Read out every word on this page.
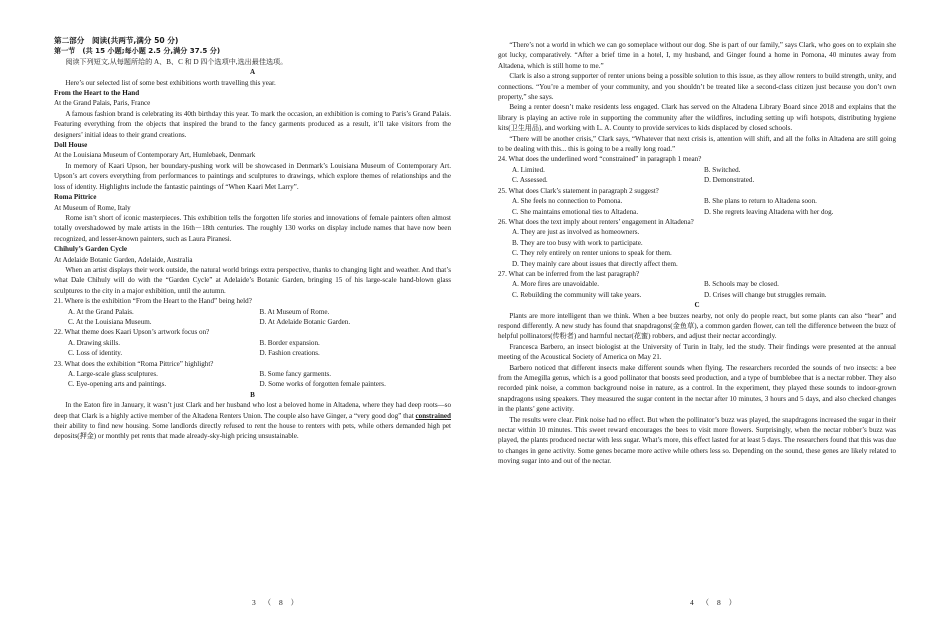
第二部分　阅读(共两节,满分 50 分)

第一节　(共 15 小题;每小题 2.5 分,满分 37.5 分)

阅读下列短文,从每题所给的 A、B、C 和 D 四个选项中,选出最佳选项。

A

Here’s our selected list of some best exhibitions worth travelling this year.

From the Heart to the Hand

At the Grand Palais, Paris, France

A famous fashion brand is celebrating its 40th birthday this year. To mark the occasion, an exhibition is coming to Paris’s Grand Palais. Featuring everything from the objects that inspired the brand to the fancy garments produced as a result, it’ll take visitors from the designers’ initial ideas to their grand creations.

Doll House

At the Louisiana Museum of Contemporary Art, Humlebaek, Denmark

In memory of Kaari Upson, her boundary-pushing work will be showcased in Denmark’s Louisiana Museum of Contemporary Art. Upson’s art covers everything from performances to paintings and sculptures to drawings, which explore themes of relationships and the loss of identity. Highlights include the fantastic paintings of “When Kaari Met Larry”.

Roma Pittrice

At Museum of Rome, Italy

Rome isn’t short of iconic masterpieces. This exhibition tells the forgotten life stories and innovations of female painters often almost totally overshadowed by male artists in the 16th－18th centuries. The roughly 130 works on display include names that have now been recognized, and lesser-known painters, such as Laura Piranesi.

Chihuly’s Garden Cycle

At Adelaide Botanic Garden, Adelaide, Australia

When an artist displays their work outside, the natural world brings extra perspective, thanks to changing light and weather. And that’s what Dale Chihuly will do with the “Garden Cycle” at Adelaide’s Botanic Garden, bringing 15 of his large-scale hand-blown glass sculptures to the city in a major exhibition, until the autumn.

21. Where is the exhibition “From the Heart to the Hand” being held?

A. At the Grand Palais.	B. At Museum of Rome.
C. At the Louisiana Museum.	D. At Adelaide Botanic Garden.

22. What theme does Kaari Upson’s artwork focus on?

A. Drawing skills.	B. Border expansion.
C. Loss of identity.	D. Fashion creations.

23. What does the exhibition “Roma Pittrice” highlight?

A. Large-scale glass sculptures.	B. Some fancy garments.
C. Eye-opening arts and paintings.	D. Some works of forgotten female painters.

B

In the Eaton fire in January, it wasn’t just Clark and her husband who lost a beloved home in Altadena, where they had deep roots—so deep that Clark is a highly active member of the Altadena Renters Union. The couple also have Ginger, a “very good dog” that constrained their ability to find new housing. Some landlords directly refused to rent the house to renters with pets, while others demanded high pet deposits(押金) or monthly pet rents that made already-sky-high pricing unsustainable.

3 （ 8 ）

“There’s not a world in which we can go someplace without our dog. She is part of our family,” says Clark, who goes on to explain she got lucky, comparatively. “After a brief time in a hotel, I, my husband, and Ginger found a home in Pomona, 40 minutes away from Altadena, which is still home to me.”

Clark is also a strong supporter of renter unions being a possible solution to this issue, as they allow renters to build strength, unity, and connections. “You’re a member of your community, and you shouldn’t be treated like a second-class citizen just because you don’t own property,” she says.

Being a renter doesn’t make residents less engaged. Clark has served on the Altadena Library Board since 2018 and explains that the library is playing an active role in supporting the community after the wildfires, including setting up wifi hotspots, distributing hygiene kits(卫生用品), and working with L. A. County to provide services to kids displaced by closed schools.

“There will be another crisis,” Clark says, “Whatever that next crisis is, attention will shift, and all the folks in Altadena are still going to be dealing with this... this is going to be a really long road.”

24. What does the underlined word “constrained” in paragraph 1 mean?

A. Limited.	B. Switched.
C. Assessed.	D. Demonstrated.

25. What does Clark’s statement in paragraph 2 suggest?

A. She feels no connection to Pomona.	B. She plans to return to Altadena soon.
C. She maintains emotional ties to Altadena.	D. She regrets leaving Altadena with her dog.

26. What does the text imply about renters’ engagement in Altadena?

A. They are just as involved as homeowners.
B. They are too busy with work to participate.
C. They rely entirely on renter unions to speak for them.
D. They mainly care about issues that directly affect them.

27. What can be inferred from the last paragraph?

A. More fires are unavoidable.	B. Schools may be closed.
C. Rebuilding the community will take years.	D. Crises will change but struggles remain.

C

Plants are more intelligent than we think. When a bee buzzes nearby, not only do people react, but some plants can also “hear” and respond differently. A new study has found that snapdragons(金鱼草), a common garden flower, can tell the difference between the buzz of helpful pollinators(传粉者) and harmful nectar(花蜜) robbers, and adjust their nectar accordingly.

Francesca Barbero, an insect biologist at the University of Turin in Italy, led the study. Their findings were presented at the annual meeting of the Acoustical Society of America on May 21.

Barbero noticed that different insects make different sounds when flying. The researchers recorded the sounds of two insects: a bee from the Amegilla genus, which is a good pollinator that boosts seed production, and a type of bumblebee that is a nectar robber. They also recorded pink noise, a common background noise in nature, as a control. In the experiment, they played these sounds to indoor-grown snapdragons using speakers. They measured the sugar content in the nectar after 10 minutes, 3 hours and 5 days, and also checked changes in the plants’ gene activity.

The results were clear. Pink noise had no effect. But when the pollinator’s buzz was played, the snapdragons increased the sugar in their nectar within 10 minutes. This sweet reward encourages the bees to visit more flowers. Surprisingly, when the nectar robber’s buzz was played, the plants produced nectar with less sugar. What’s more, this effect lasted for at least 5 days. The researchers found that this was due to changes in gene activity. Some genes became more active while others less so. Depending on the sound, these genes are likely related to moving sugar into and out of the nectar.

4 （ 8 ）
